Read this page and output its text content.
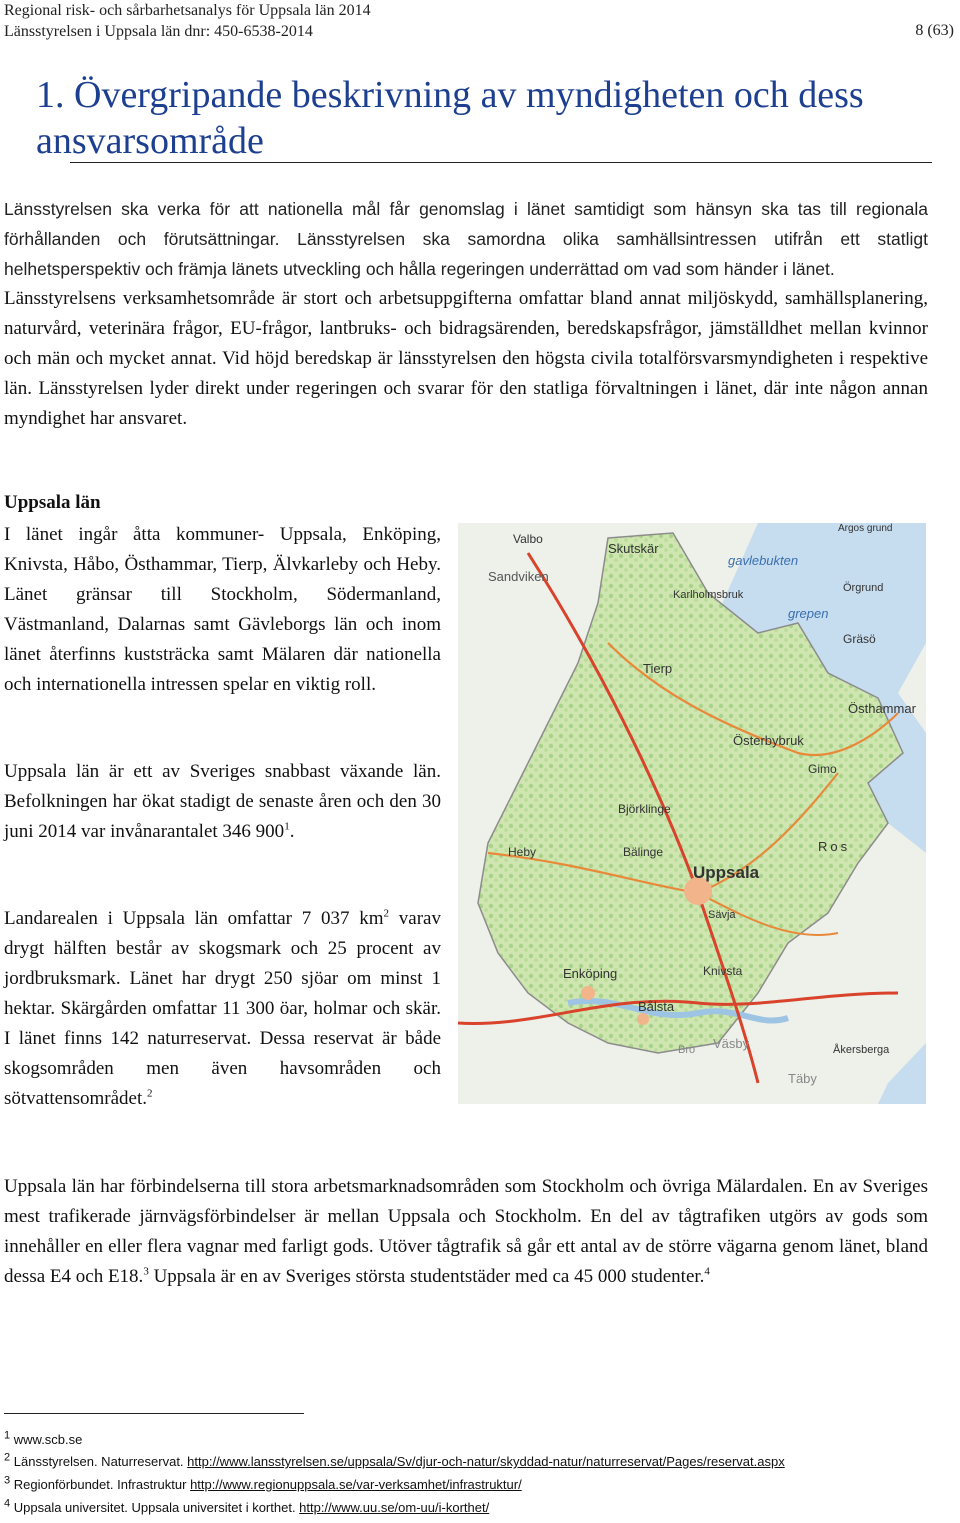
Regional risk- och sårbarhetsanalys för Uppsala län 2014
Länsstyrelsen i Uppsala län dnr: 450-6538-2014	8 (63)
1. Övergripande beskrivning av myndigheten och dess ansvarsområde

Länsstyrelsen ska verka för att nationella mål får genomslag i länet samtidigt som hänsyn ska tas till regionala förhållanden och förutsättningar. Länsstyrelsen ska samordna olika samhällsintressen utifrån ett statligt helhetsperspektiv och främja länets utveckling och hålla regeringen underrättad om vad som händer i länet.

Länsstyrelsens verksamhetsområde är stort och arbetsuppgifterna omfattar bland annat miljöskydd, samhällsplanering, naturvård, veterinära frågor, EU-frågor, lantbruks- och bidragsärenden, beredskapsfrågor, jämställdhet mellan kvinnor och män och mycket annat. Vid höjd beredskap är länsstyrelsen den högsta civila totalförsvarsmyndigheten i respektive län. Länsstyrelsen lyder direkt under regeringen och svarar för den statliga förvaltningen i länet, där inte någon annan myndighet har ansvaret.

Uppsala län

I länet ingår åtta kommuner- Uppsala, Enköping, Knivsta, Håbo, Östhammar, Tierp, Älvkarleby och Heby. Länet gränsar till Stockholm, Södermanland, Västmanland, Dalarnas samt Gävleborgs län och inom länet återfinns kuststräcka samt Mälaren där nationella och internationella intressen spelar en viktig roll.

Uppsala län är ett av Sveriges snabbast växande län. Befolkningen har ökat stadigt de senaste åren och den 30 juni 2014 var invånarantalet 346 $900^1$.

Landarealen i Uppsala län omfattar 7 037 $km^2$ varav drygt hälften består av skogsmark och 25 procent av jordbruksmark. Länet har drygt 250 sjöar om minst 1 hektar. Skärgården omfattar 11 300 öar, holmar och skär. I länet finns 142 naturreservat. Dessa reservat är både skogsområden men även havsområden och sötvattensområdet.$^2$

Uppsala län har förbindelserna till stora arbetsmarknadsområden som Stockholm och övriga Mälardalen. En av Sveriges mest trafikerade järnvägsförbindelser är mellan Uppsala och Stockholm. En del av tågtrafiken utgörs av gods som innehåller en eller flera vagnar med farligt gods. Utöver tågtrafik så går ett antal av de större vägarna genom länet, bland dessa E4 och E18.$^3$ Uppsala är en av Sveriges största studentstäder med ca 45 000 studenter.$^4$

$^1$ www.scb.se
$^2$ Länsstyrelsen. Naturreservat. http://www.lansstyrelsen.se/uppsala/Sv/djur-och-natur/skyddad-natur/naturreservat/Pages/reservat.aspx
$^3$ Regionförbundet. Infrastruktur http://www.regionuppsala.se/var-verksamhet/infrastruktur/
$^4$ Uppsala universitet. Uppsala universitet i korthet. http://www.uu.se/om-uu/i-korthet/
Valbo
Skutskär
Sandviken
Argos grund
Örgrund
Karlholmsbruk
gavlebukten
grepen
Tierp
Gräsö
Östhammar
Österbybruk
Gimo
Björklinge
Heby	Bälinge	Ros
Uppsala
Sävja
Enköping	Knivsta
Bålsta
Väsby
Bro	Åkersberga
Täby
